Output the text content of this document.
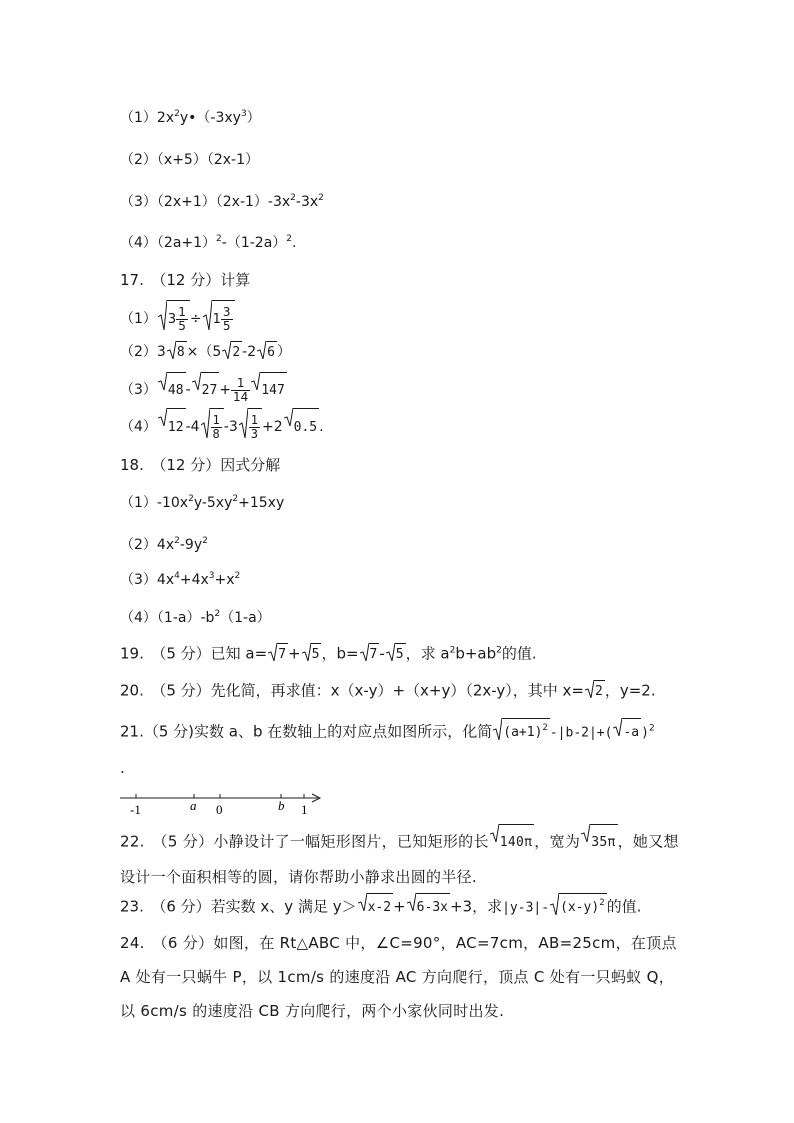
$(1)2x^2y•(-3xy^3)$
（2）（x+5）（2x-1）
$(3)(2x+1)(2x-1)-3x^2-3x^2$
$(4)(2a+1)^2-(1-2a)^2$.
17.　（12 分）计算
（1） $3 \frac{1}{5} \div 1 \frac{3}{5}$
（2）3 8 ×（5 2 -2 6 ）
（3） $48 - 27 + \frac{1}{14} 147$
（4） 12 $-4 \frac{1}{8} -3 \frac{1}{3} +2$ 0.5 .
18.　（12 分）因式分解
$(1)-10x^2y-5xy^2+15xy$
$(2)4x^2-9y^2$
$(3)4x^4+4x^3+x^2$
$(4)(1-a)-b^2(1-a)$
19.　（5 分）已知 a= 7 + 5 ，b= 7 - 5 ，求 $a^2b+ab^2$的值.
20.　（5 分）先化简，再求值：x（x-y）+（x+y）（2x-y），其中 x= 2 ，y=2.
21.（5 分)实数 a、b 在数轴上的对应点如图所示，化简 $(a+1)^2$ -|b-2|+( -a )$^2$
.
-1	a 0	b 1
22.　（5 分）小静设计了一幅矩形图片，已知矩形的长 140π ，宽为 35π ，她又想设计一个面积相等的圆，请你帮助小静求出圆的半径.
23.　（6 分）若实数 x、y 满足 y＞ x-2 + 6-3x +3，求|y-3|- $(x-y)^2$ 的值.
24.　（6 分）如图，在 Rt△ABC 中，∠C=90°，AC=7cm，AB=25cm，在顶点 A 处有一只蜗牛 P，以 1cm/s 的速度沿 AC 方向爬行，顶点 C 处有一只蚂蚁 Q，以 6cm/s 的速度沿 CB 方向爬行，两个小家伙同时出发.
